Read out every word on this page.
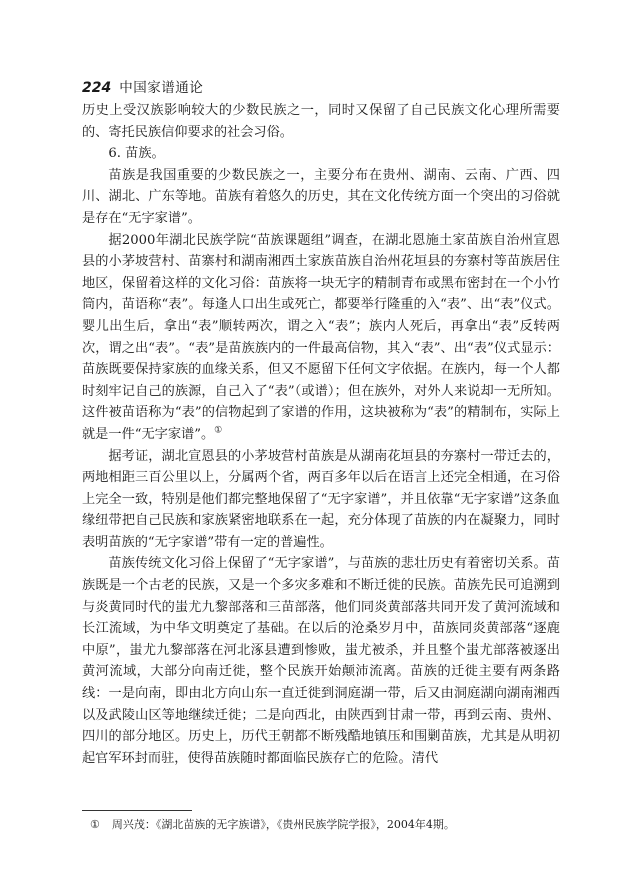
224 中国家谱通论

历史上受汉族影响较大的少数民族之一，同时又保留了自己民族文化心理所需要的、寄托民族信仰要求的社会习俗。

6. 苗族。

苗族是我国重要的少数民族之一，主要分布在贵州、湖南、云南、广西、四川、湖北、广东等地。苗族有着悠久的历史，其在文化传统方面一个突出的习俗就是存在“无字家谱”。

据2000年湖北民族学院“苗族课题组”调查，在湖北恩施土家苗族自治州宣恩县的小茅坡营村、苗寨村和湖南湘西土家族苗族自治州花垣县的夯寨村等苗族居住地区，保留着这样的文化习俗：苗族将一块无字的精制青布或黑布密封在一个小竹筒内，苗语称“表”。每逢人口出生或死亡，都要举行隆重的入“表”、出“表”仪式。婴儿出生后，拿出“表”顺转两次，谓之入“表”；族内人死后，再拿出“表”反转两次，谓之出“表”。“表”是苗族族内的一件最高信物，其入“表”、出“表”仪式显示：苗族既要保持家族的血缘关系，但又不愿留下任何文字依据。在族内，每一个人都时刻牢记自己的族源，自己入了“表”（或谱）；但在族外，对外人来说却一无所知。这件被苗语称为“表”的信物起到了家谱的作用，这块被称为“表”的精制布，实际上就是一件“无字家谱”。①

据考证，湖北宣恩县的小茅坡营村苗族是从湖南花垣县的夯寨村一带迁去的，两地相距三百公里以上，分属两个省，两百多年以后在语言上还完全相通，在习俗上完全一致，特别是他们都完整地保留了“无字家谱”，并且依靠“无字家谱”这条血缘纽带把自己民族和家族紧密地联系在一起，充分体现了苗族的内在凝聚力，同时表明苗族的“无字家谱”带有一定的普遍性。

苗族传统文化习俗上保留了“无字家谱”，与苗族的悲壮历史有着密切关系。苗族既是一个古老的民族，又是一个多灾多难和不断迁徙的民族。苗族先民可追溯到与炎黄同时代的蚩尤九黎部落和三苗部落，他们同炎黄部落共同开发了黄河流域和长江流域，为中华文明奠定了基础。在以后的沧桑岁月中，苗族同炎黄部落“逐鹿中原”，蚩尤九黎部落在河北涿县遭到惨败，蚩尤被杀，并且整个蚩尤部落被逐出黄河流域，大部分向南迁徙，整个民族开始颠沛流离。苗族的迁徙主要有两条路线：一是向南，即由北方向山东一直迁徙到洞庭湖一带，后又由洞庭湖向湖南湘西以及武陵山区等地继续迁徙；二是向西北，由陕西到甘肃一带，再到云南、贵州、四川的部分地区。历史上，历代王朝都不断残酷地镇压和围剿苗族，尤其是从明初起官军环封而驻，使得苗族随时都面临民族存亡的危险。清代

① 周兴茂：《湖北苗族的无字族谱》，《贵州民族学院学报》，2004年4期。
